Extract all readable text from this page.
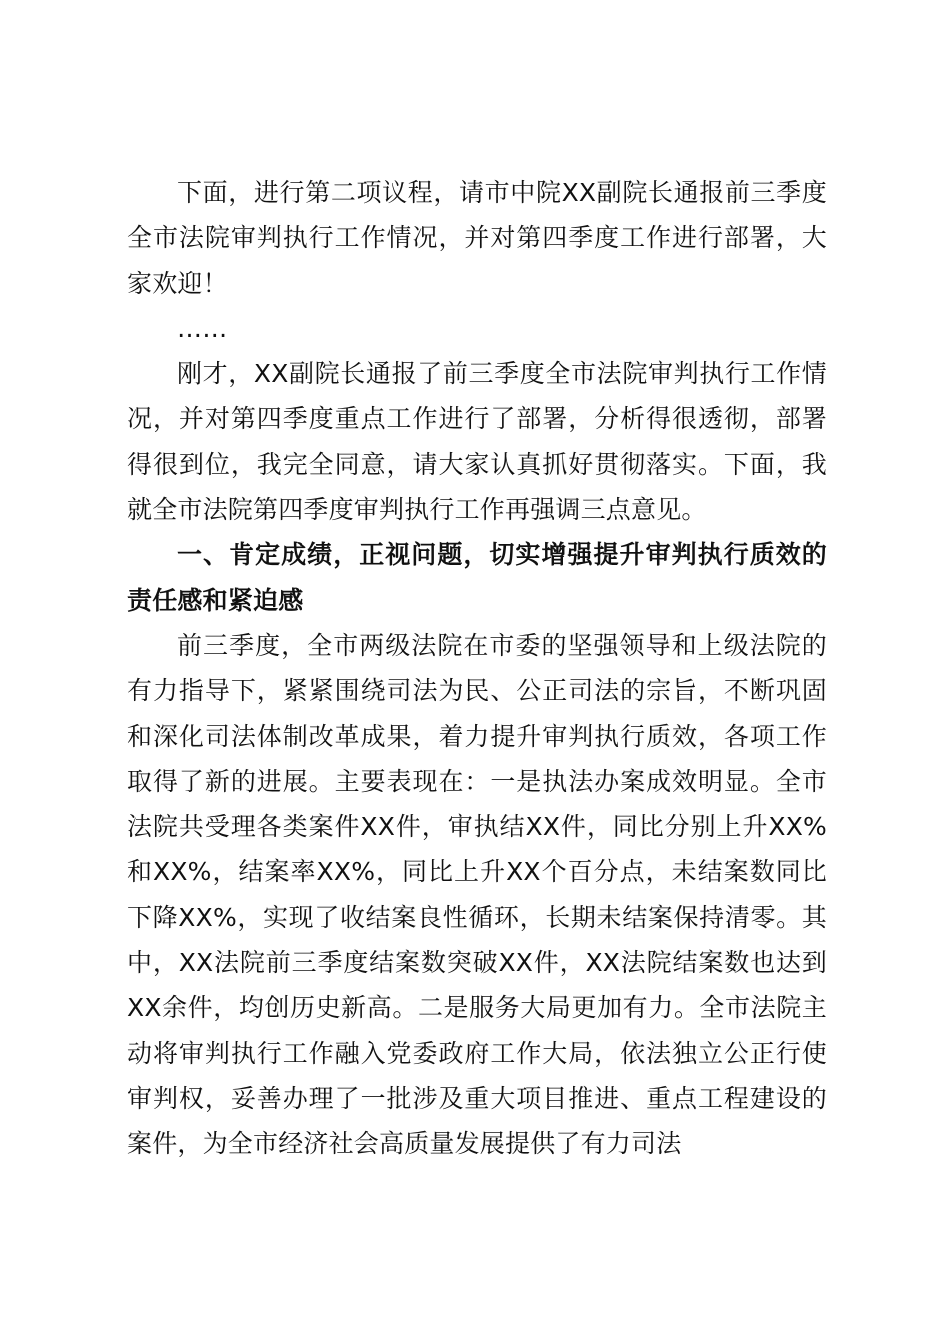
下面，进行第二项议程，请市中院XX副院长通报前三季度全市法院审判执行工作情况，并对第四季度工作进行部署，大家欢迎！

……

刚才，XX副院长通报了前三季度全市法院审判执行工作情况，并对第四季度重点工作进行了部署，分析得很透彻，部署得很到位，我完全同意，请大家认真抓好贯彻落实。下面，我就全市法院第四季度审判执行工作再强调三点意见。

一、肯定成绩，正视问题，切实增强提升审判执行质效的责任感和紧迫感

前三季度，全市两级法院在市委的坚强领导和上级法院的有力指导下，紧紧围绕司法为民、公正司法的宗旨，不断巩固和深化司法体制改革成果，着力提升审判执行质效，各项工作取得了新的进展。主要表现在：一是执法办案成效明显。全市法院共受理各类案件XX件，审执结XX件，同比分别上升XX%和XX%，结案率XX%，同比上升XX个百分点，未结案数同比下降XX%，实现了收结案良性循环，长期未结案保持清零。其中，XX法院前三季度结案数突破XX件，XX法院结案数也达到XX余件，均创历史新高。二是服务大局更加有力。全市法院主动将审判执行工作融入党委政府工作大局，依法独立公正行使审判权，妥善办理了一批涉及重大项目推进、重点工程建设的案件，为全市经济社会高质量发展提供了有力司法
